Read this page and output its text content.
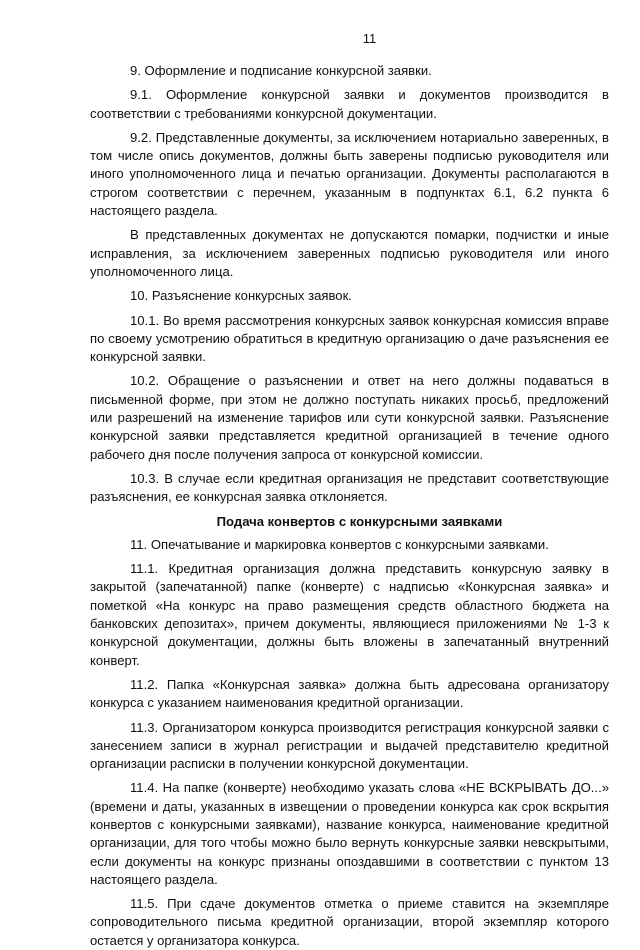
11

9. Оформление и подписание конкурсной заявки.

9.1. Оформление конкурсной заявки и документов производится в соответствии с требованиями конкурсной документации.

9.2. Представленные документы, за исключением нотариально заверенных, в том числе опись документов, должны быть заверены подписью руководителя или иного уполномоченного лица и печатью организации. Документы располагаются в строгом соответствии с перечнем, указанным в подпунктах 6.1, 6.2 пункта 6 настоящего раздела.

В представленных документах не допускаются помарки, подчистки и иные исправления, за исключением заверенных подписью руководителя или иного уполномоченного лица.

10. Разъяснение конкурсных заявок.

10.1. Во время рассмотрения конкурсных заявок конкурсная комиссия вправе по своему усмотрению обратиться в кредитную организацию о даче разъяснения ее конкурсной заявки.

10.2. Обращение о разъяснении и ответ на него должны подаваться в письменной форме, при этом не должно поступать никаких просьб, предложений или разрешений на изменение тарифов или сути конкурсной заявки. Разъяснение конкурсной заявки представляется кредитной организацией в течение одного рабочего дня после получения запроса от конкурсной комиссии.

10.3. В случае если кредитная организация не представит соответствующие разъяснения, ее конкурсная заявка отклоняется.

Подача конвертов с конкурсными заявками

11. Опечатывание и маркировка конвертов с конкурсными заявками.

11.1. Кредитная организация должна представить конкурсную заявку в закрытой (запечатанной) папке (конверте) с надписью «Конкурсная заявка» и пометкой «На конкурс на право размещения средств областного бюджета на банковских депозитах», причем документы, являющиеся приложениями № 1-3 к конкурсной документации, должны быть вложены в запечатанный внутренний конверт.

11.2. Папка «Конкурсная заявка» должна быть адресована организатору конкурса с указанием наименования кредитной организации.

11.3. Организатором конкурса производится регистрация конкурсной заявки с занесением записи в журнал регистрации и выдачей представителю кредитной организации расписки в получении конкурсной документации.

11.4. На папке (конверте) необходимо указать слова «НЕ ВСКРЫВАТЬ ДО...» (времени и даты, указанных в извещении о проведении конкурса как срок вскрытия конвертов с конкурсными заявками), название конкурса, наименование кредитной организации, для того чтобы можно было вернуть конкурсные заявки невскрытыми, если документы на конкурс признаны опоздавшими в соответствии с пунктом 13 настоящего раздела.

11.5. При сдаче документов отметка о приеме ставится на экземпляре сопроводительного письма кредитной организации, второй экземпляр которого остается у организатора конкурса.
